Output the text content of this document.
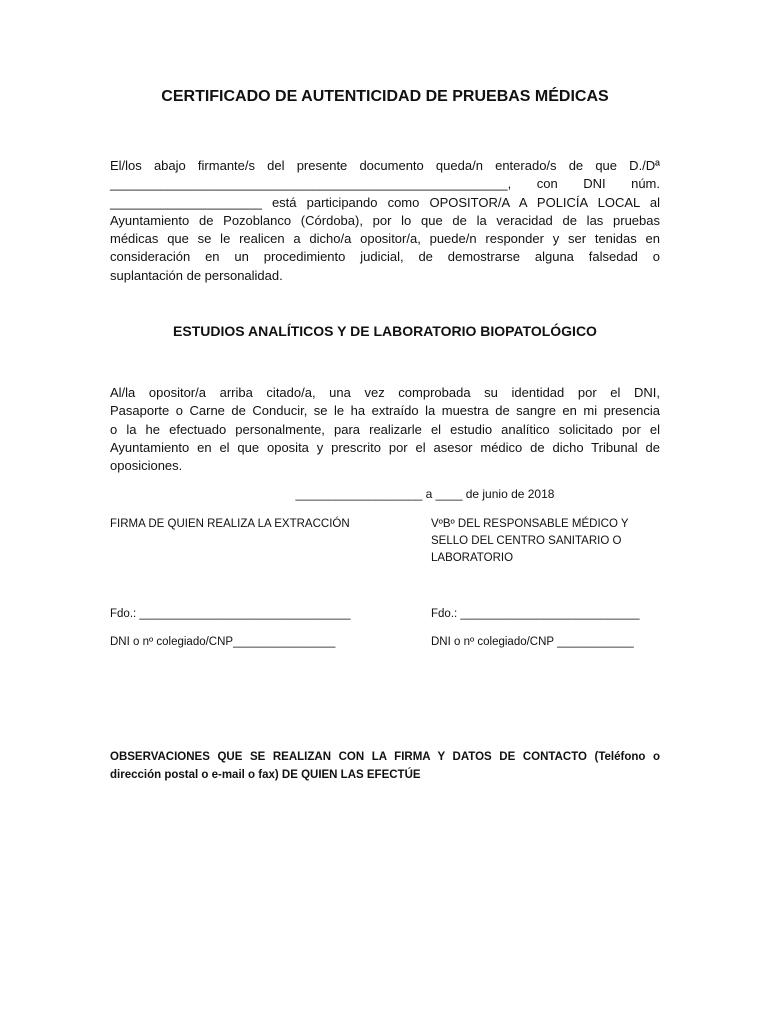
CERTIFICADO DE AUTENTICIDAD DE PRUEBAS MÉDICAS
El/los abajo firmante/s del presente documento queda/n enterado/s de que D./Dª
_______________________________________________________, con DNI núm.
_____________________ está participando como OPOSITOR/A A POLICÍA LOCAL al
Ayuntamiento de Pozoblanco (Córdoba), por lo que de la veracidad de las pruebas
médicas que se le realicen a dicho/a opositor/a, puede/n responder y ser tenidas en
consideración en un procedimiento judicial, de demostrarse alguna falsedad o
suplantación de personalidad.
ESTUDIOS ANALÍTICOS Y DE LABORATORIO BIOPATOLÓGICO
Al/la opositor/a arriba citado/a, una vez comprobada su identidad por el DNI,
Pasaporte o Carne de Conducir, se le ha extraído la muestra de sangre en mi presencia
o la he efectuado personalmente, para realizarle el estudio analítico solicitado por el
Ayuntamiento en el que oposita y prescrito por el asesor médico de dicho Tribunal de
oposiciones.
___________________ a ____ de junio de 2018
FIRMA DE QUIEN REALIZA LA EXTRACCIÓN	VºBº DEL RESPONSABLE MÉDICO Y
SELLO DEL CENTRO SANITARIO O
LABORATORIO
Fdo.: _________________________________	Fdo.: ____________________________
DNI o nº colegiado/CNP________________	DNI o nº colegiado/CNP ____________
OBSERVACIONES QUE SE REALIZAN CON LA FIRMA Y DATOS DE CONTACTO (Teléfono o
dirección postal o e-mail o fax) DE QUIEN LAS EFECTÚE
